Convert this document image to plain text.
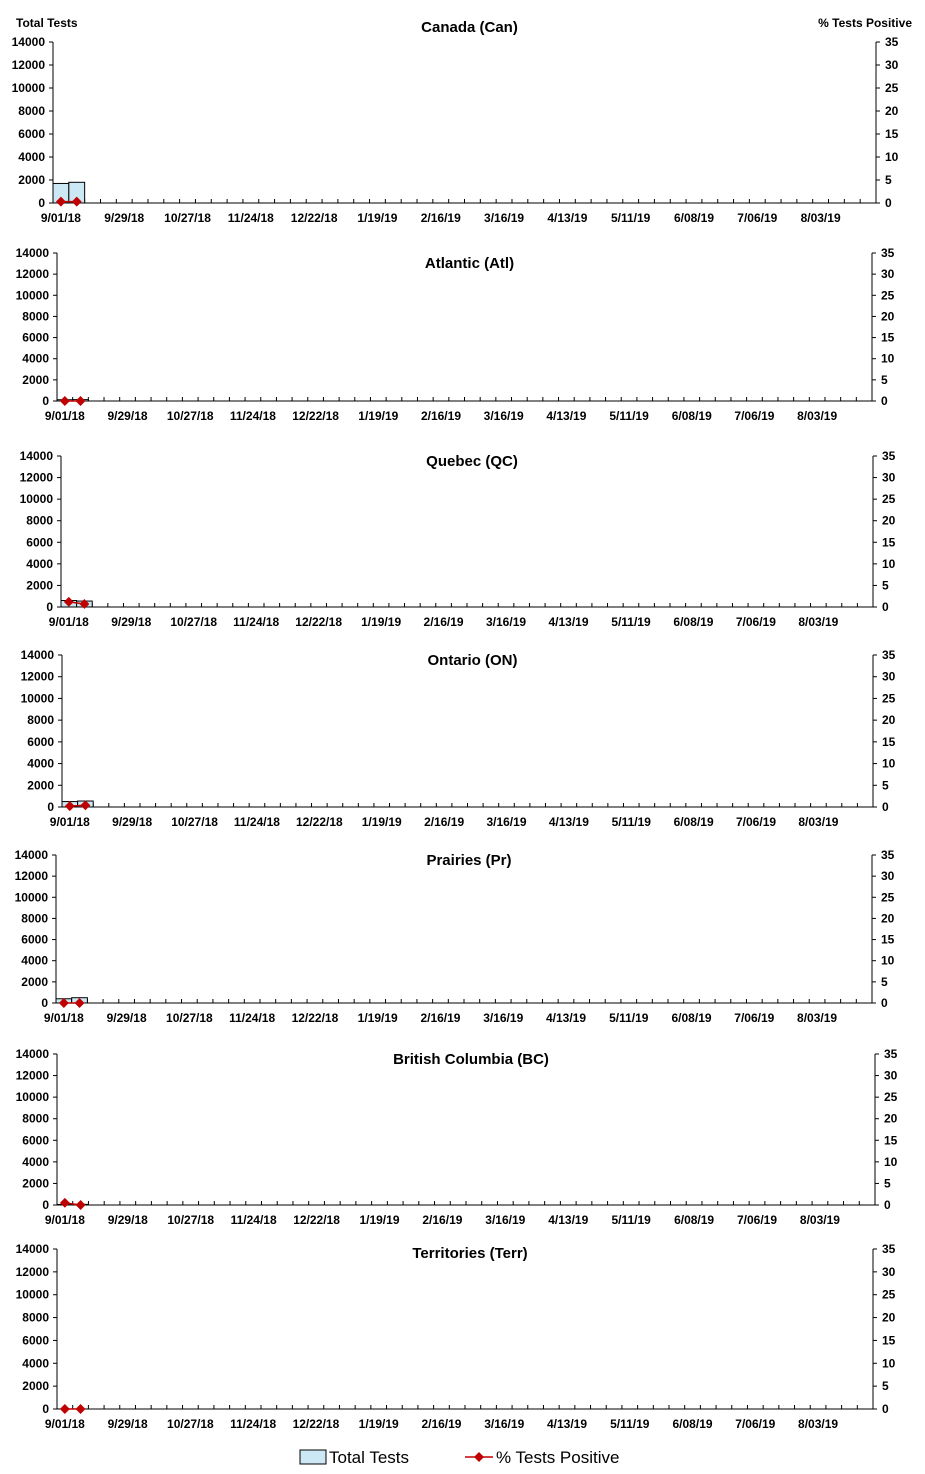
Total Tests	% Tests Positive
Canada (Can)
0
2000
4000
6000
8000
10000
12000
14000
0
5
10
15
20
25
30
35
9/01/18 9/29/18 10/27/18 11/24/18 12/22/18 1/19/19 2/16/19 3/16/19 4/13/19 5/11/19 6/08/19 7/06/19 8/03/19
Atlantic (Atl)
0
2000
4000
6000
8000
10000
12000
14000
0
5
10
15
20
25
30
35
9/01/18 9/29/18 10/27/18 11/24/18 12/22/18 1/19/19 2/16/19 3/16/19 4/13/19 5/11/19 6/08/19 7/06/19 8/03/19
Quebec (QC)
0
2000
4000
6000
8000
10000
12000
14000
0
5
10
15
20
25
30
35
9/01/18 9/29/18 10/27/18 11/24/18 12/22/18 1/19/19 2/16/19 3/16/19 4/13/19 5/11/19 6/08/19 7/06/19 8/03/19
Ontario (ON)
0
2000
4000
6000
8000
10000
12000
14000
0
5
10
15
20
25
30
35
9/01/18 9/29/18 10/27/18 11/24/18 12/22/18 1/19/19 2/16/19 3/16/19 4/13/19 5/11/19 6/08/19 7/06/19 8/03/19
Prairies (Pr)
0
2000
4000
6000
8000
10000
12000
14000
0
5
10
15
20
25
30
35
9/01/18 9/29/18 10/27/18 11/24/18 12/22/18 1/19/19 2/16/19 3/16/19 4/13/19 5/11/19 6/08/19 7/06/19 8/03/19
British Columbia (BC)
0
2000
4000
6000
8000
10000
12000
14000
0
5
10
15
20
25
30
35
9/01/18 9/29/18 10/27/18 11/24/18 12/22/18 1/19/19 2/16/19 3/16/19 4/13/19 5/11/19 6/08/19 7/06/19 8/03/19
Territories (Terr)
0
2000
4000
6000
8000
10000
12000
14000
0
5
10
15
20
25
30
35
9/01/18 9/29/18 10/27/18 11/24/18 12/22/18 1/19/19 2/16/19 3/16/19 4/13/19 5/11/19 6/08/19 7/06/19 8/03/19
Total Tests	% Tests Positive
